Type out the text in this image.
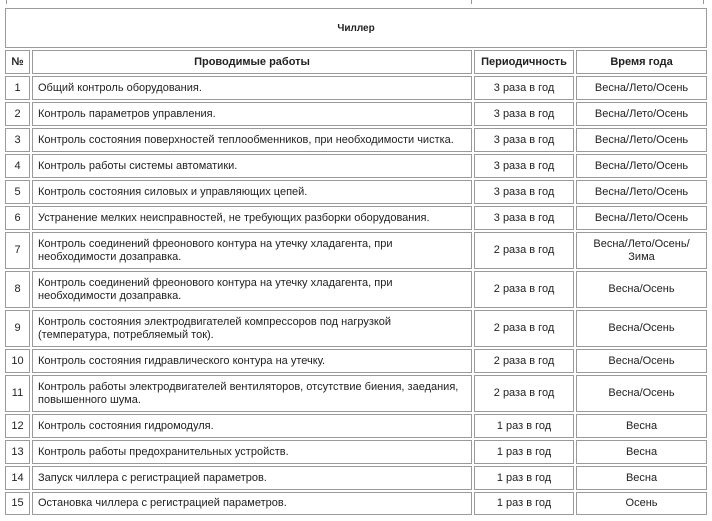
Чиллер			
№	Проводимые работы	Периодичность	Время года
1	Общий контроль оборудования.	3 раза в год	Весна/Лето/Осень
2	Контроль параметров управления.	3 раза в год	Весна/Лето/Осень
3	Контроль состояния поверхностей теплообменников, при необходимости чистка.	3 раза в год	Весна/Лето/Осень
4	Контроль работы системы автоматики.	3 раза в год	Весна/Лето/Осень
5	Контроль состояния силовых и управляющих цепей.	3 раза в год	Весна/Лето/Осень
6	Устранение мелких неисправностей, не требующих разборки оборудования.	3 раза в год	Весна/Лето/Осень
7	Контроль соединений фреонового контура на утечку хладагента, при необходимости дозаправка.	2 раза в год	Весна/Лето/Осень/Зима
8	Контроль соединений фреонового контура на утечку хладагента, при необходимости дозаправка.	2 раза в год	Весна/Осень
9	Контроль состояния электродвигателей компрессоров под нагрузкой (температура, потребляемый ток).	2 раза в год	Весна/Осень
10	Контроль состояния гидравлического контура на утечку.	2 раза в год	Весна/Осень
11	Контроль работы электродвигателей вентиляторов, отсутствие биения, заедания, повышенного шума.	2 раза в год	Весна/Осень
12	Контроль состояния гидромодуля.	1 раз в год	Весна
13	Контроль работы предохранительных устройств.	1 раз в год	Весна
14	Запуск чиллера с регистрацией параметров.	1 раз в год	Весна
15	Остановка чиллера с регистрацией параметров.	1 раз в год	Осень
